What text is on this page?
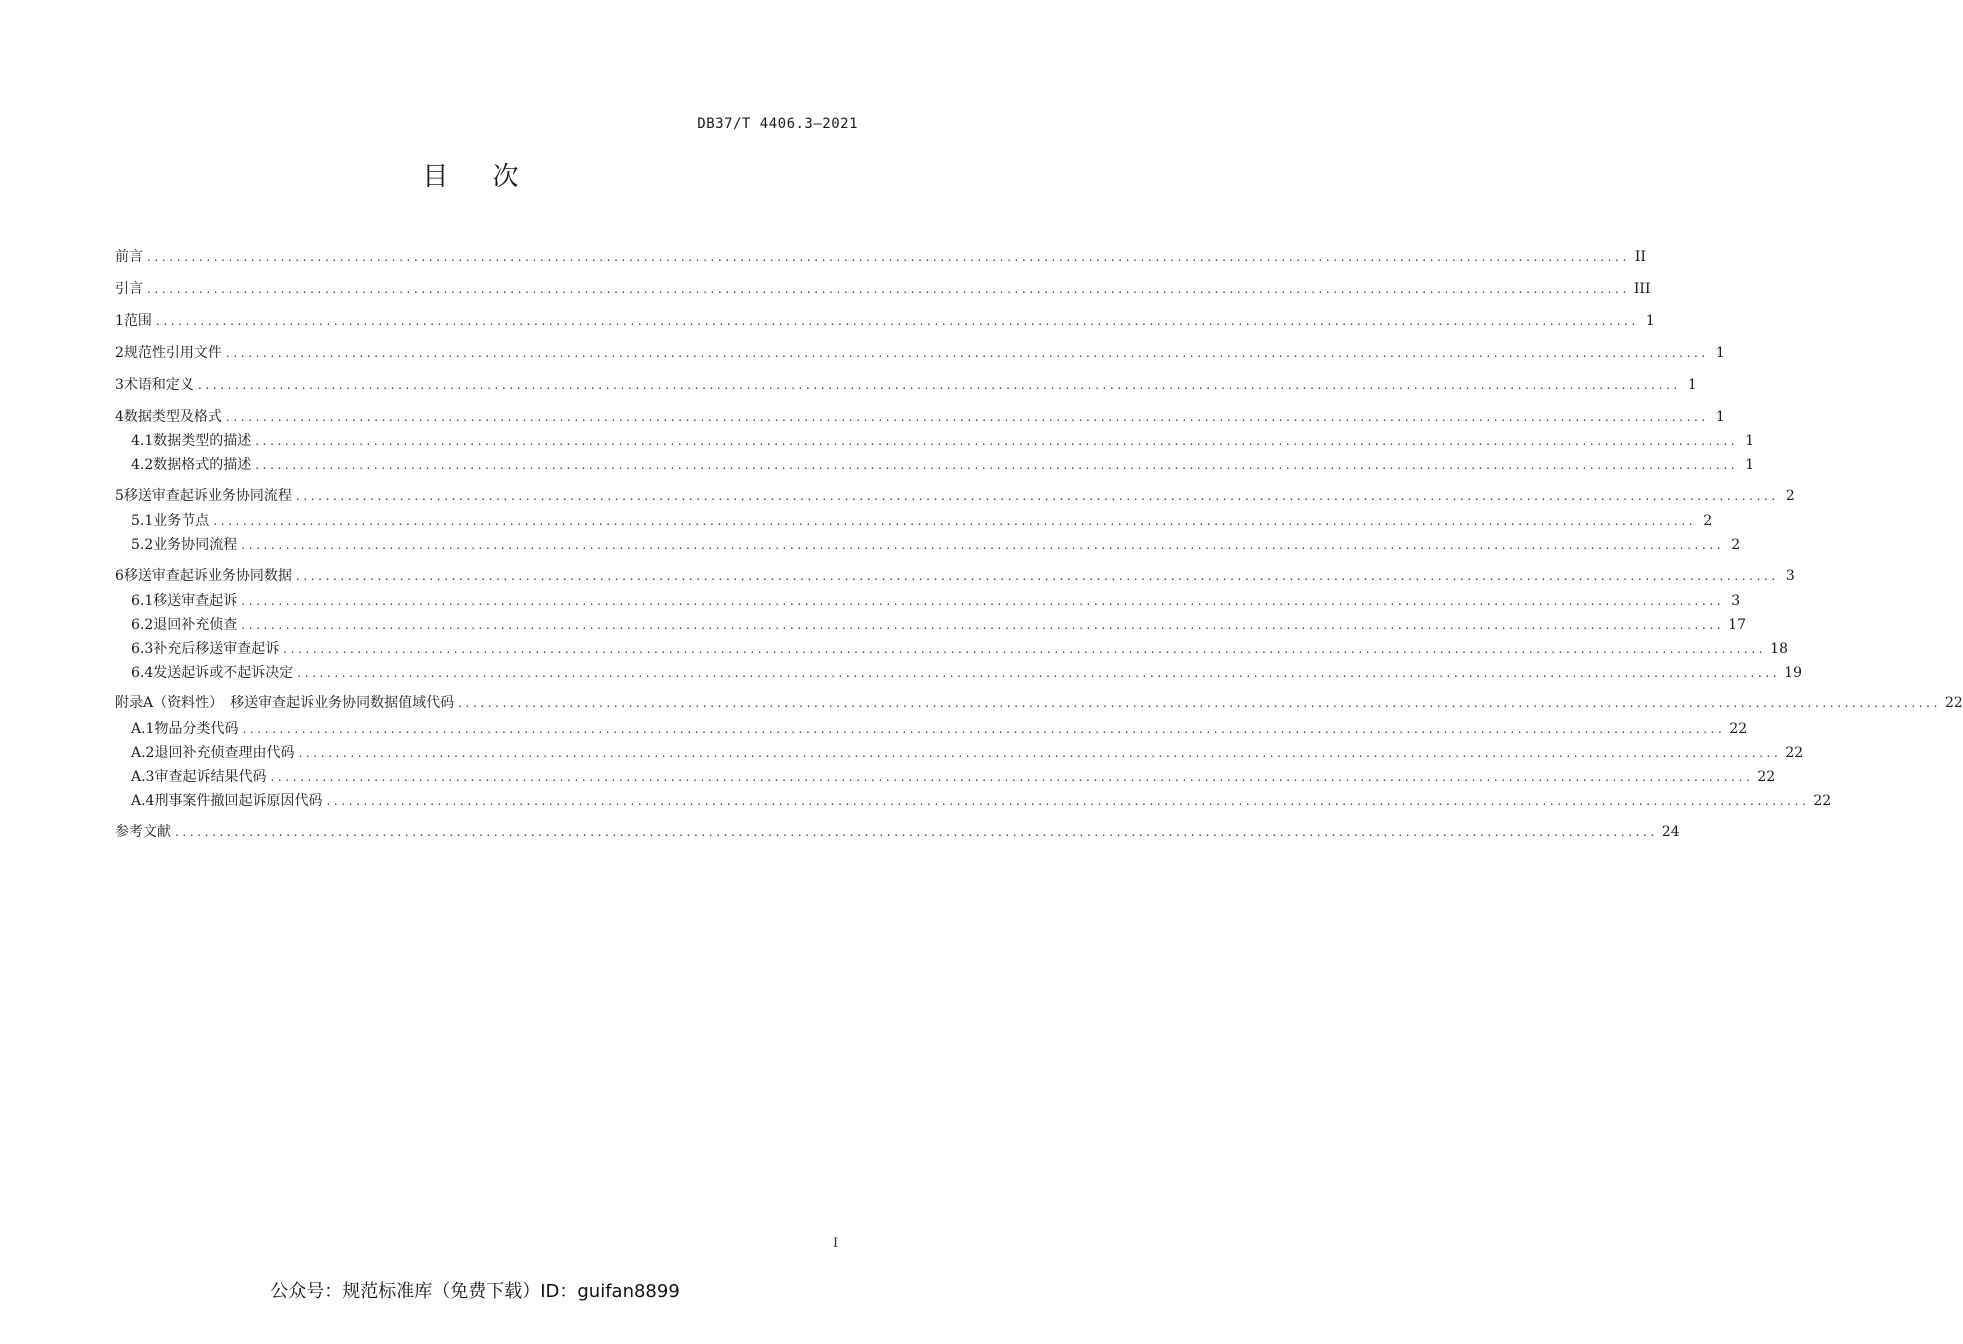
DB37/T 4406.3—2021
目　次
前言 ........................................................................................................................................................................................................ II
引言 ........................................................................................................................................................................................................ III
1 范围 ........................................................................................................................................................................................................ 1
2 规范性引用文件 ........................................................................................................................................................................................................ 1
3 术语和定义 ........................................................................................................................................................................................................ 1
4 数据类型及格式 ........................................................................................................................................................................................................ 1
4.1 数据类型的描述 ........................................................................................................................................................................................................ 1
4.2 数据格式的描述 ........................................................................................................................................................................................................ 1
5 移送审查起诉业务协同流程 ........................................................................................................................................................................................................ 2
5.1 业务节点 ........................................................................................................................................................................................................ 2
5.2 业务协同流程 ........................................................................................................................................................................................................ 2
6 移送审查起诉业务协同数据 ........................................................................................................................................................................................................ 3
6.1 移送审查起诉 ........................................................................................................................................................................................................ 3
6.2 退回补充侦查 ........................................................................................................................................................................................................ 17
6.3 补充后移送审查起诉 ........................................................................................................................................................................................................ 18
6.4 发送起诉或不起诉决定 ........................................................................................................................................................................................................ 19
附录A（资料性）　移送审查起诉业务协同数据值域代码 ........................................................................................................................................................................................................ 22
A.1 物品分类代码 ........................................................................................................................................................................................................ 22
A.2 退回补充侦查理由代码 ........................................................................................................................................................................................................ 22
A.3 审查起诉结果代码 ........................................................................................................................................................................................................ 22
A.4 刑事案件撤回起诉原因代码 ........................................................................................................................................................................................................ 22
参考文献 ........................................................................................................................................................................................................ 24
I
公众号：规范标准库（免费下载）ID：guifan8899
